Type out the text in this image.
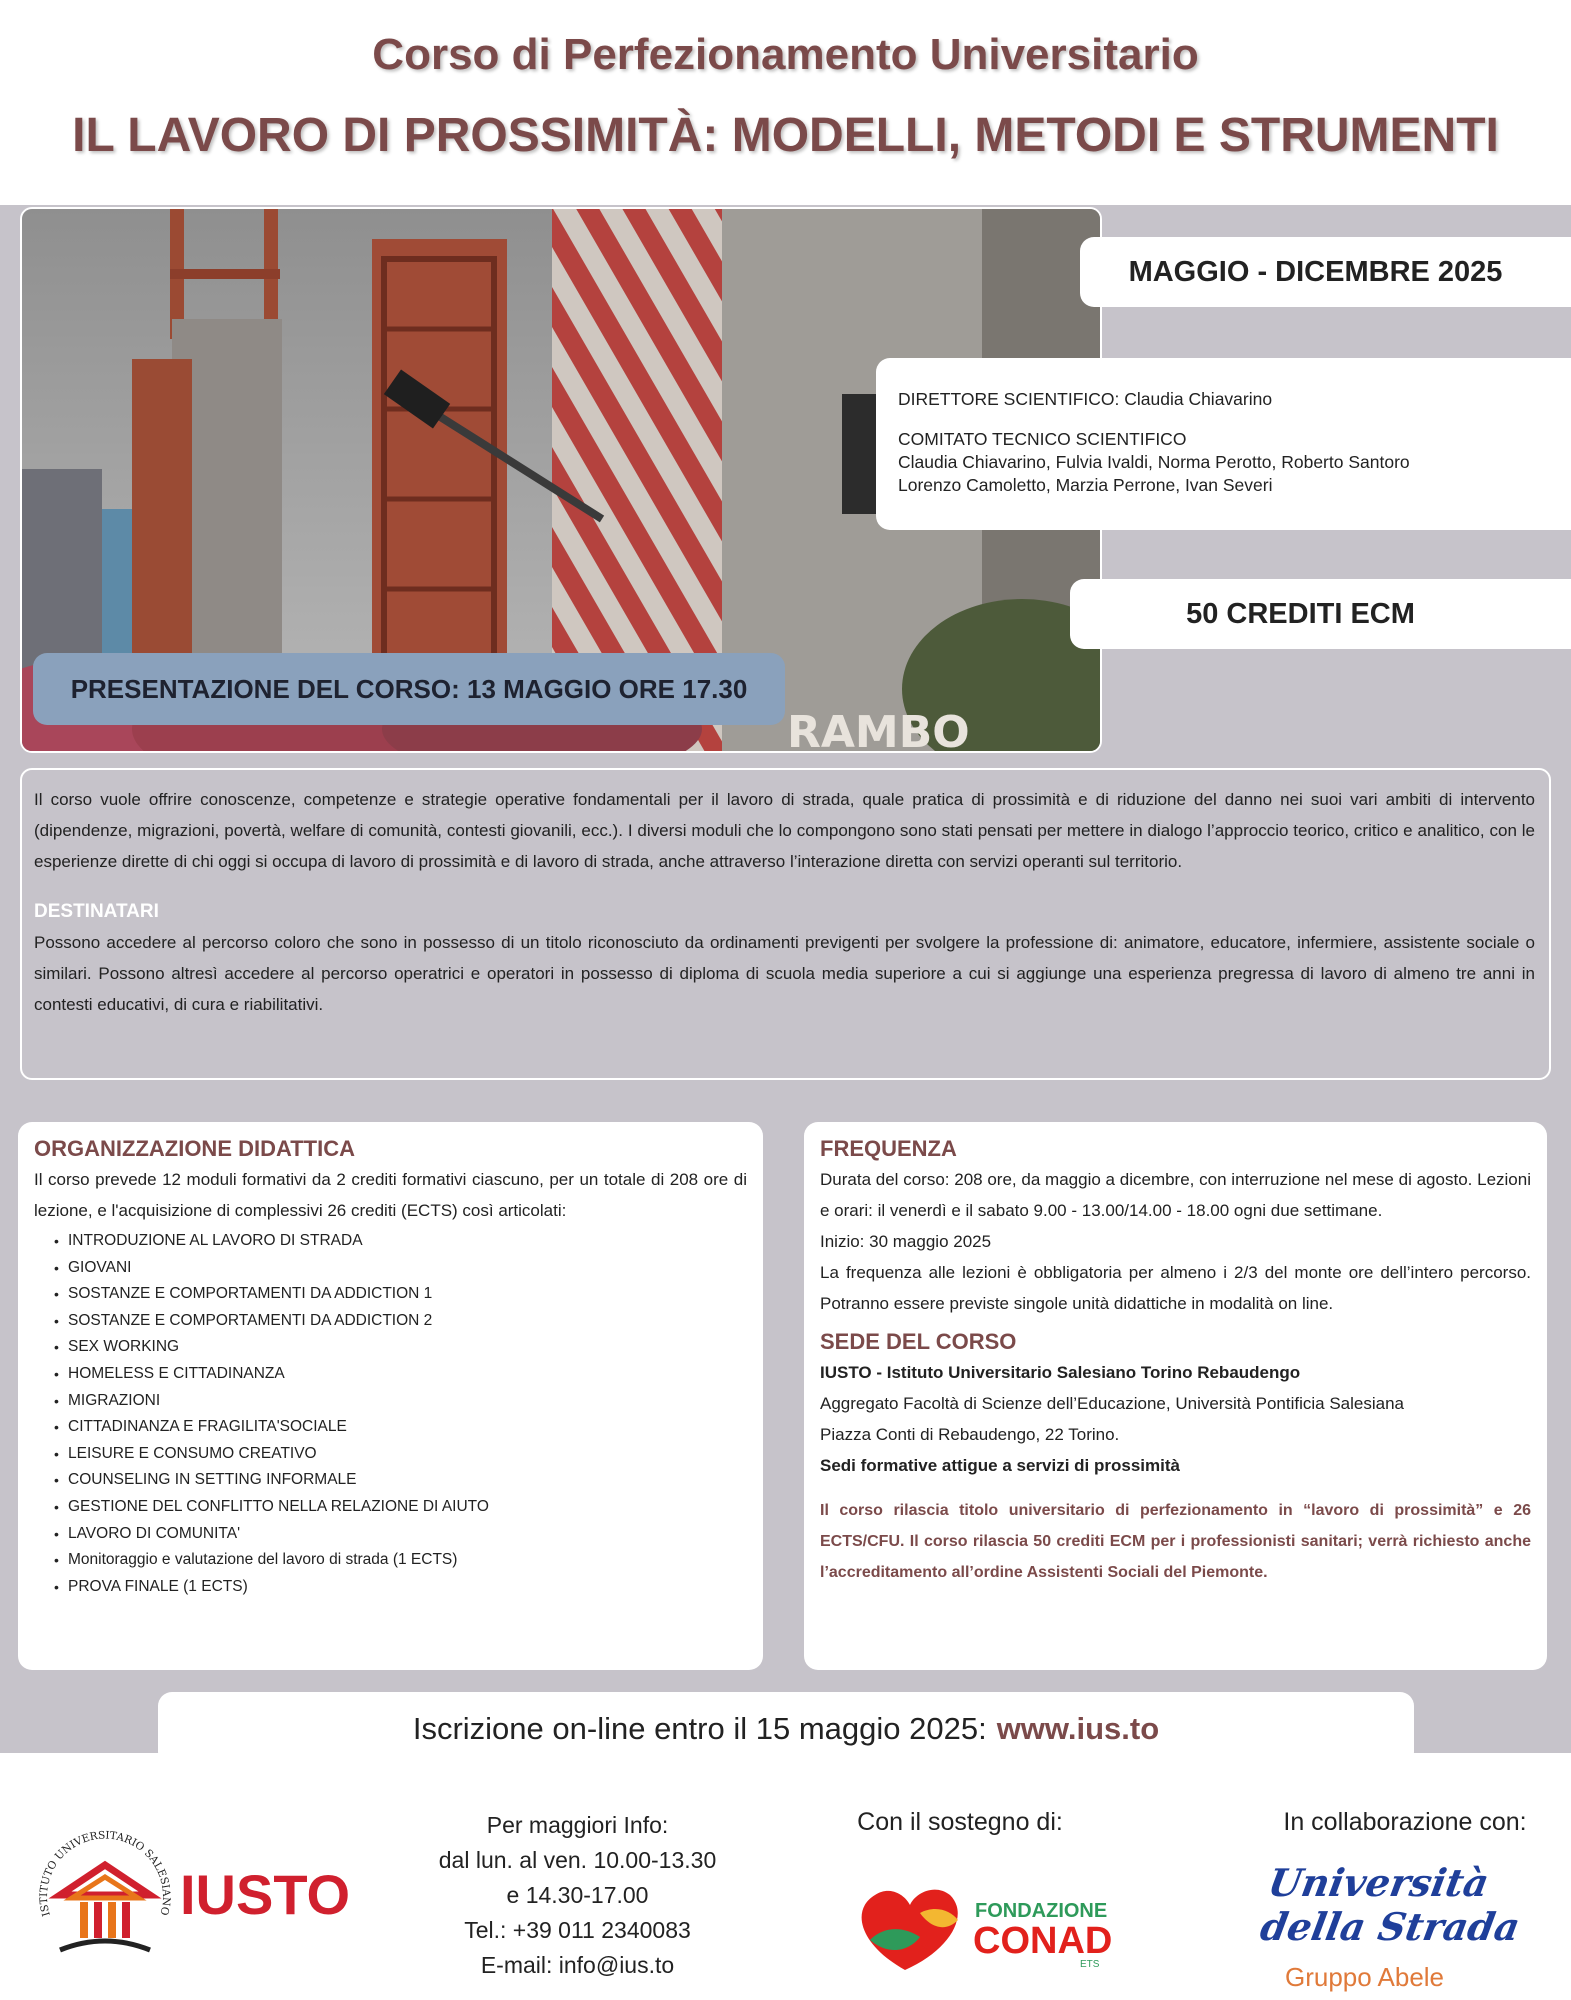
Corso di Perfezionamento Universitario
IL LAVORO DI PROSSIMITÀ: MODELLI, METODI E STRUMENTI
RAMBO
MAGGIO - DICEMBRE 2025
DIRETTORE SCIENTIFICO: Claudia Chiavarino
COMITATO TECNICO SCIENTIFICO
Claudia Chiavarino, Fulvia Ivaldi, Norma Perotto, Roberto Santoro
Lorenzo Camoletto, Marzia Perrone, Ivan Severi
50 CREDITI ECM
PRESENTAZIONE DEL CORSO: 13 MAGGIO ORE 17.30

Il corso vuole offrire conoscenze, competenze e strategie operative fondamentali per il lavoro di strada, quale pratica di prossimità e di riduzione del danno nei suoi vari ambiti di intervento (dipendenze, migrazioni, povertà, welfare di comunità, contesti giovanili, ecc.). I diversi moduli che lo compongono sono stati pensati per mettere in dialogo l’approccio teorico, critico e analitico, con le esperienze dirette di chi oggi si occupa di lavoro di prossimità e di lavoro di strada, anche attraverso l’interazione diretta con servizi operanti sul territorio.

DESTINATARI

Possono accedere al percorso coloro che sono in possesso di un titolo riconosciuto da ordinamenti previgenti per svolgere la professione di: animatore, educatore, infermiere, assistente sociale o similari. Possono altresì accedere al percorso operatrici e operatori in possesso di diploma di scuola media superiore a cui si aggiunge una esperienza pregressa di lavoro di almeno tre anni in contesti educativi, di cura e riabilitativi.

ORGANIZZAZIONE DIDATTICA

Il corso prevede 12 moduli formativi da 2 crediti formativi ciascuno, per un totale di 208 ore di lezione, e l'acquisizione di complessivi 26 crediti (ECTS) così articolati:

• INTRODUZIONE AL LAVORO DI STRADA
• GIOVANI
• SOSTANZE E COMPORTAMENTI DA ADDICTION 1
• SOSTANZE E COMPORTAMENTI DA ADDICTION 2
• SEX WORKING
• HOMELESS E CITTADINANZA
• MIGRAZIONI
• CITTADINANZA E FRAGILITA'SOCIALE
• LEISURE E CONSUMO CREATIVO
• COUNSELING IN SETTING INFORMALE
• GESTIONE DEL CONFLITTO NELLA RELAZIONE DI AIUTO
• LAVORO DI COMUNITA'
• Monitoraggio e valutazione del lavoro di strada (1 ECTS)
• PROVA FINALE (1 ECTS)
FREQUENZA

Durata del corso: 208 ore, da maggio a dicembre, con interruzione nel mese di agosto. Lezioni e orari: il venerdì e il sabato 9.00 - 13.00/14.00 - 18.00 ogni due settimane.

Inizio: 30 maggio 2025

La frequenza alle lezioni è obbligatoria per almeno i 2/3 del monte ore dell’intero percorso. Potranno essere previste singole unità didattiche in modalità on line.

SEDE DEL CORSO

IUSTO - Istituto Universitario Salesiano Torino Rebaudengo

Aggregato Facoltà di Scienze dell’Educazione, Università Pontificia Salesiana

Piazza Conti di Rebaudengo, 22 Torino.

Sedi formative attigue a servizi di prossimità

Il corso rilascia titolo universitario di perfezionamento in “lavoro di prossimità” e 26 ECTS/CFU. Il corso rilascia 50 crediti ECM per i professionisti sanitari; verrà richiesto anche l’accreditamento all’ordine Assistenti Sociali del Piemonte.

Iscrizione on-line entro il 15 maggio 2025: www.ius.to
ISTITUTO UNIVERSITARIO SALESIANO IUSTO
Per maggiori Info:
dal lun. al ven. 10.00-13.30
e 14.30-17.00
Tel.: +39 011 2340083
E-mail: info@ius.to
Con il sostegno di:
FONDAZIONE
CONAD
ETS
In collaborazione con:
Università
della Strada
Gruppo Abele
